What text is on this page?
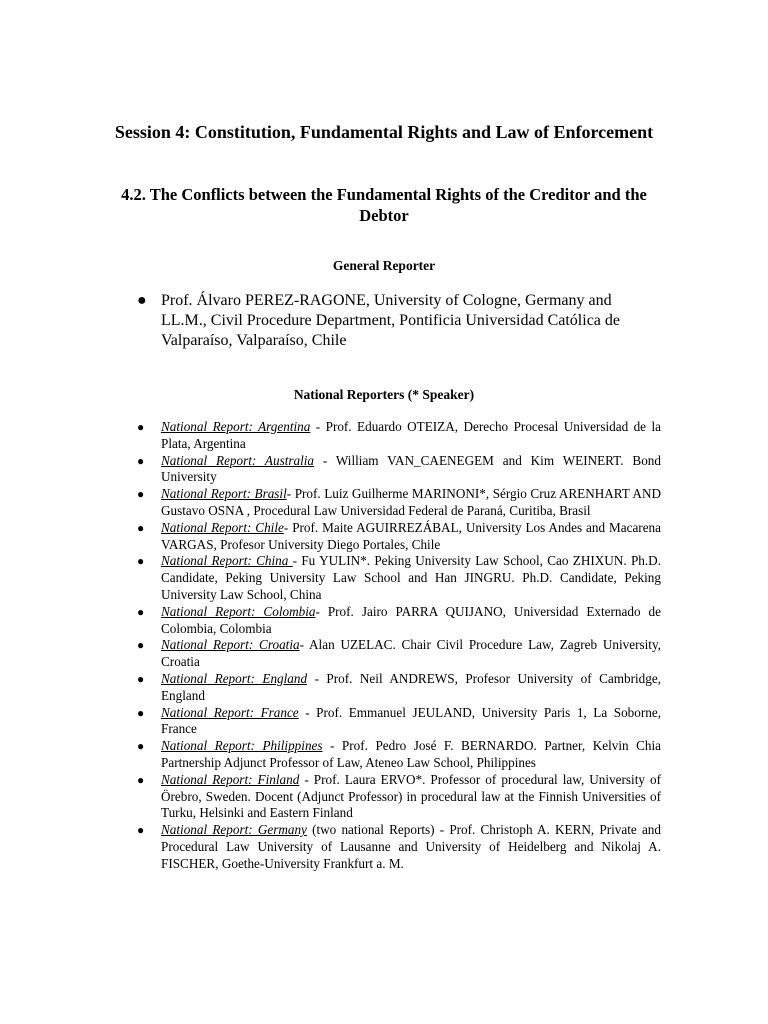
Session 4: Constitution, Fundamental Rights and Law of Enforcement
4.2. The Conflicts between the Fundamental Rights of the Creditor and the Debtor
General Reporter
● Prof. Álvaro PEREZ-RAGONE, University of Cologne, Germany and LL.M., Civil Procedure Department, Pontificia Universidad Católica de Valparaíso, Valparaíso, Chile
National Reporters (* Speaker)
●	National Report: Argentina - Prof. Eduardo OTEIZA, Derecho Procesal Universidad de la Plata, Argentina
●	National Report: Australia - William VAN_CAENEGEM and Kim WEINERT. Bond University
●	National Report: Brasil- Prof. Luiz Guilherme MARINONI*, Sérgio Cruz ARENHART AND Gustavo OSNA , Procedural Law Universidad Federal de Paraná, Curitiba, Brasil
●	National Report: Chile- Prof. Maite AGUIRREZÁBAL, University Los Andes and Macarena VARGAS, Profesor University Diego Portales, Chile
●	National Report: China - Fu YULIN*. Peking University Law School, Cao ZHIXUN. Ph.D. Candidate, Peking University Law School and Han JINGRU. Ph.D. Candidate, Peking University Law School, China
●	National Report: Colombia- Prof. Jairo PARRA QUIJANO, Universidad Externado de Colombia, Colombia
●	National Report: Croatia- Alan UZELAC. Chair Civil Procedure Law, Zagreb University, Croatia
●	National Report: England - Prof. Neil ANDREWS, Profesor University of Cambridge, England
●	National Report: France - Prof. Emmanuel JEULAND, University Paris 1, La Soborne, France
●	National Report: Philippines - Prof. Pedro José F. BERNARDO. Partner, Kelvin Chia Partnership Adjunct Professor of Law, Ateneo Law School, Philippines
●	National Report: Finland - Prof. Laura ERVO*. Professor of procedural law, University of Örebro, Sweden. Docent (Adjunct Professor) in procedural law at the Finnish Universities of Turku, Helsinki and Eastern Finland
●	National Report: Germany (two national Reports) - Prof. Christoph A. KERN, Private and Procedural Law University of Lausanne and University of Heidelberg and Nikolaj A. FISCHER, Goethe-University Frankfurt a. M.
